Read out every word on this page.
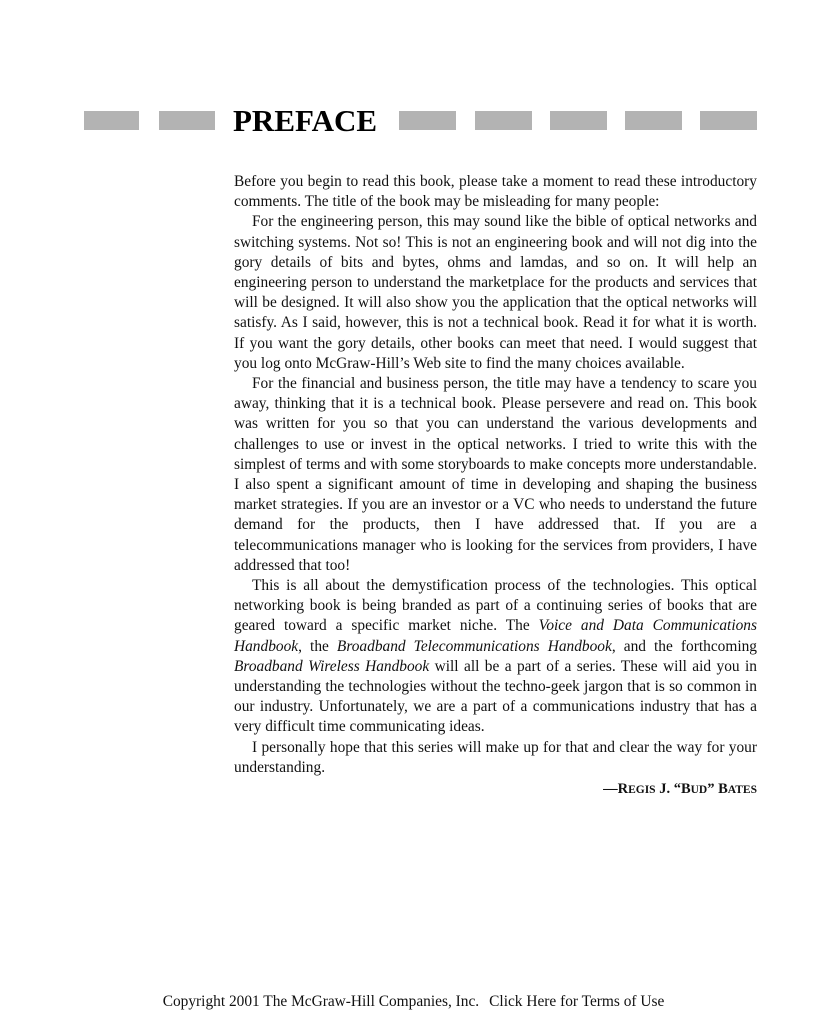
PREFACE

Before you begin to read this book, please take a moment to read these introductory comments. The title of the book may be misleading for many people:

For the engineering person, this may sound like the bible of optical networks and switching systems. Not so! This is not an engineering book and will not dig into the gory details of bits and bytes, ohms and lamdas, and so on. It will help an engineering person to understand the marketplace for the products and services that will be designed. It will also show you the application that the optical networks will satisfy. As I said, however, this is not a technical book. Read it for what it is worth. If you want the gory details, other books can meet that need. I would suggest that you log onto McGraw-Hill’s Web site to find the many choices available.

For the financial and business person, the title may have a tendency to scare you away, thinking that it is a technical book. Please persevere and read on. This book was written for you so that you can understand the various developments and challenges to use or invest in the optical networks. I tried to write this with the simplest of terms and with some storyboards to make concepts more understandable. I also spent a significant amount of time in developing and shaping the business market strategies. If you are an investor or a VC who needs to understand the future demand for the products, then I have addressed that. If you are a telecommunications manager who is looking for the services from providers, I have addressed that too!

This is all about the demystification process of the technologies. This optical networking book is being branded as part of a continuing series of books that are geared toward a specific market niche. The Voice and Data Communications Handbook, the Broadband Telecommunications Handbook, and the forthcoming Broadband Wireless Handbook will all be a part of a series. These will aid you in understanding the technologies without the techno-geek jargon that is so common in our industry. Unfortunately, we are a part of a communications industry that has a very difficult time communicating ideas.

I personally hope that this series will make up for that and clear the way for your understanding.

—REGIS J. “BUD” BATES

Copyright 2001 The McGraw-Hill Companies, Inc. Click Here for Terms of Use
